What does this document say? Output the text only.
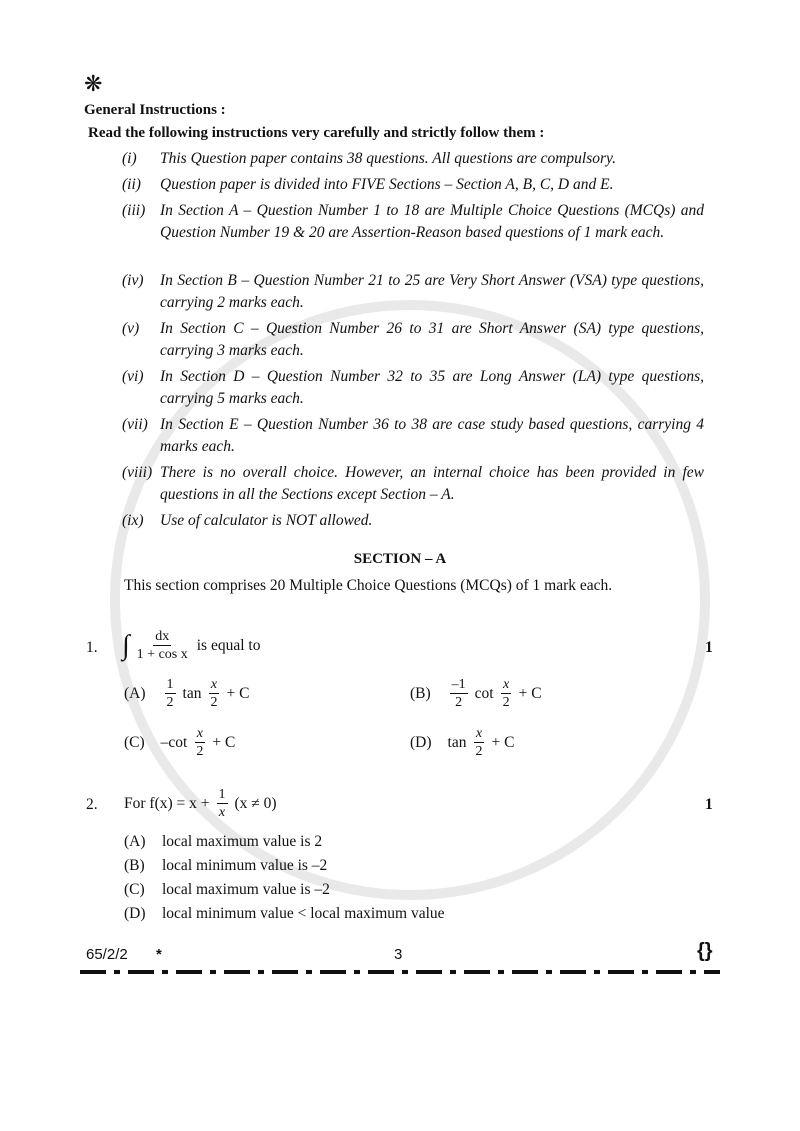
❋
General Instructions :
Read the following instructions very carefully and strictly follow them :
(i) This Question paper contains 38 questions. All questions are compulsory.
(ii) Question paper is divided into FIVE Sections – Section A, B, C, D and E.
(iii) In Section A – Question Number 1 to 18 are Multiple Choice Questions (MCQs) and Question Number 19 & 20 are Assertion-Reason based questions of 1 mark each.
(iv) In Section B – Question Number 21 to 25 are Very Short Answer (VSA) type questions, carrying 2 marks each.
(v) In Section C – Question Number 26 to 31 are Short Answer (SA) type questions, carrying 3 marks each.
(vi) In Section D – Question Number 32 to 35 are Long Answer (LA) type questions, carrying 5 marks each.
(vii) In Section E – Question Number 36 to 38 are case study based questions, carrying 4 marks each.
(viii) There is no overall choice. However, an internal choice has been provided in few questions in all the Sections except Section – A.
(ix) Use of calculator is NOT allowed.
SECTION – A
This section comprises 20 Multiple Choice Questions (MCQs) of 1 mark each.
1. ∫ $\frac{dx}{\text{1 + cos x}}$ is equal to	1
$(A) \frac{1}{2}$ $\tan \frac{x}{2} + C$	$(B) \frac{-1}{2}$ $\cot \frac{x}{2} + C$
(C) $-\cot \frac{x}{2} + C$	(D) $\tan \frac{x}{2} + C$
2. For $f(x) = x + \frac{1}{x} (x \ne 0)$	1
(A) local maximum value is 2
(B) local minimum value is –2
(C) local maximum value is –2
(D) local minimum value < local maximum value
65/2/2 *	3	{}
